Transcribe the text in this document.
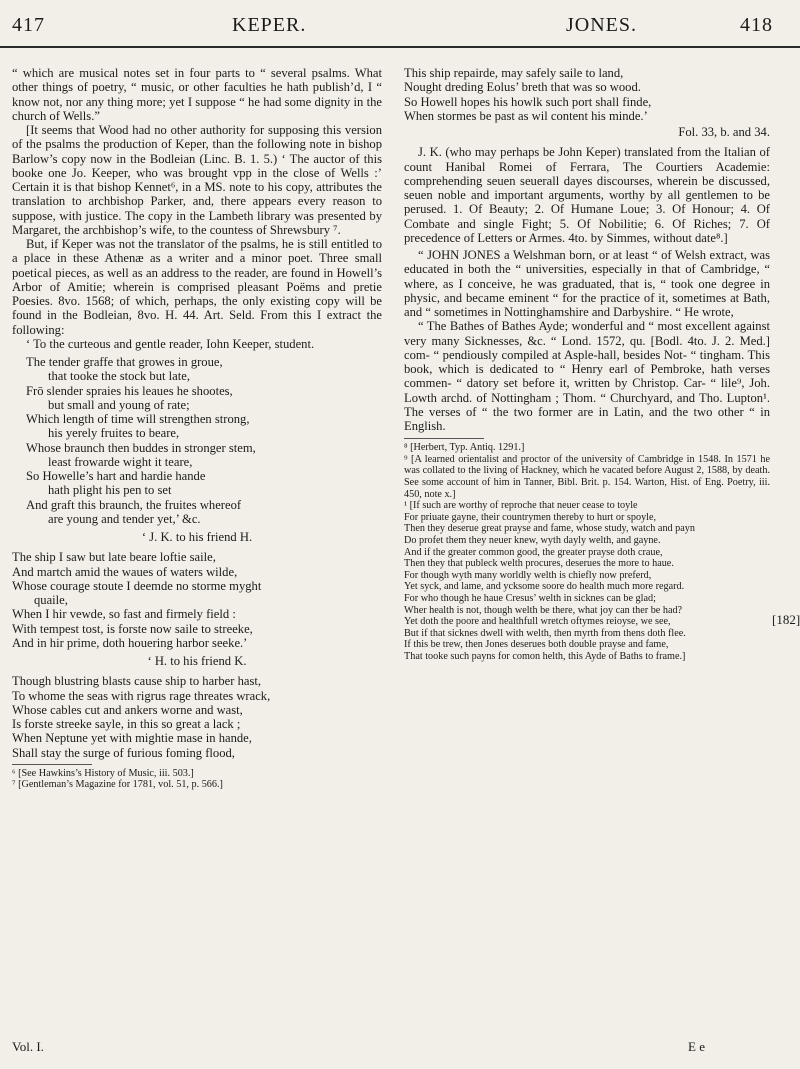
417	KEPER.	JONES.	418

“ which are musical notes set in four parts to “ several psalms. What other things of poetry, “ music, or other faculties he hath publish’d, I “ know not, nor any thing more; yet I suppose “ he had some dignity in the church of Wells.”

[It seems that Wood had no other authority for supposing this version of the psalms the production of Keper, than the following note in bishop Barlow’s copy now in the Bodleian (Linc. B. 1. 5.) ‘ The auctor of this booke one Jo. Keeper, who was brought vpp in the close of Wells :’ Certain it is that bishop Kennet⁶, in a MS. note to his copy, attributes the translation to archbishop Parker, and, there appears every reason to suppose, with justice. The copy in the Lambeth library was presented by Margaret, the archbishop’s wife, to the countess of Shrewsbury ⁷.

But, if Keper was not the translator of the psalms, he is still entitled to a place in these Athenæ as a writer and a minor poet. Three small poetical pieces, as well as an address to the reader, are found in Howell’s Arbor of Amitie; wherein is comprised pleasant Poëms and pretie Poesies. 8vo. 1568; of which, perhaps, the only existing copy will be found in the Bodleian, 8vo. H. 44. Art. Seld. From this I extract the following:

‘ To the curteous and gentle reader, Iohn Keeper, student.

The tender graffe that growes in groue,
that tooke the stock but late,
Frō slender spraies his leaues he shootes,
but small and young of rate;
Which length of time will strengthen strong,
his yerely fruites to beare,
Whose braunch then buddes in stronger stem,
least frowarde wight it teare,
So Howelle’s hart and hardie hande
hath plight his pen to set
And graft this braunch, the fruites whereof
are young and tender yet,’ &c.
‘ J. K. to his friend H.
The ship I saw but late beare loftie saile,
And martch amid the waues of waters wilde,
Whose courage stoute I deemde no storme myght
quaile,
When I hir vewde, so fast and firmely field :
With tempest tost, is forste now saile to streeke,
And in hir prime, doth houering harbor seeke.’
‘ H. to his friend K.
Though blustring blasts cause ship to harber hast,
To whome the seas with rigrus rage threates wrack,
Whose cables cut and ankers worne and wast,
Is forste streeke sayle, in this so great a lack ;
When Neptune yet with mightie mase in hande,
Shall stay the surge of furious foming flood,

⁶ [See Hawkins’s History of Music, iii. 503.]

⁷ [Gentleman’s Magazine for 1781, vol. 51, p. 566.]

Vol. I.
This ship repairde, may safely saile to land,
Nought dreding Eolus’ breth that was so wood.
So Howell hopes his howlk such port shall finde,
When stormes be past as wil content his minde.’
Fol. 33, b. and 34.

J. K. (who may perhaps be John Keper) translated from the Italian of count Hanibal Romei of Ferrara, The Courtiers Academie: comprehending seuen seuerall dayes discourses, wherein be discussed, seuen noble and important arguments, worthy by all gentlemen to be perused. 1. Of Beauty; 2. Of Humane Loue; 3. Of Honour; 4. Of Combate and single Fight; 5. Of Nobilitie; 6. Of Riches; 7. Of precedence of Letters or Armes. 4to. by Simmes, without date⁸.]

“ JOHN JONES a Welshman born, or at least “ of Welsh extract, was educated in both the “ universities, especially in that of Cambridge, “ where, as I conceive, he was graduated, that is, “ took one degree in physic, and became eminent “ for the practice of it, sometimes at Bath, and “ sometimes in Nottinghamshire and Darbyshire. “ He wrote,

“ The Bathes of Bathes Ayde; wonderful and “ most excellent against very many Sicknesses, &c. “ Lond. 1572, qu. [Bodl. 4to. J. 2. Med.] com- “ pendiously compiled at Asple-hall, besides Not- “ tingham. This book, which is dedicated to “ Henry earl of Pembroke, hath verses commen- “ datory set before it, written by Christop. Car- “ lile⁹, Joh. Lowth archd. of Nottingham ; Thom. “ Churchyard, and Tho. Lupton¹. The verses of “ the two former are in Latin, and the two other “ in English.

⁸ [Herbert, Typ. Antiq. 1291.]

⁹ [A learned orientalist and proctor of the university of Cambridge in 1548. In 1571 he was collated to the living of Hackney, which he vacated before August 2, 1588, by death. See some account of him in Tanner, Bibl. Brit. p. 154. Warton, Hist. of Eng. Poetry, iii. 450, note x.]

¹ [If such are worthy of reproche that neuer cease to toyle
For priuate gayne, their countrymen thereby to hurt or spoyle,
Then they deserue great prayse and fame, whose study, watch and payn
Do profet them they neuer knew, wyth dayly welth, and gayne.
And if the greater common good, the greater prayse doth craue,
Then they that publeck welth procures, deserues the more to haue.
For though wyth many worldly welth is chiefly now preferd,
Yet syck, and lame, and ycksome soore do health much more regard.
For who though he haue Cresus’ welth in sicknes can be glad;
Wher health is not, though welth be there, what joy can ther be had?
Yet doth the poore and healthfull wretch oftymes reioyse, we see,
But if that sicknes dwell with welth, then myrth from thens doth flee.
If this be trew, then Jones deserues both double prayse and fame,
That tooke such payns for comon helth, this Ayde of Baths to frame.]
[182]
E e
